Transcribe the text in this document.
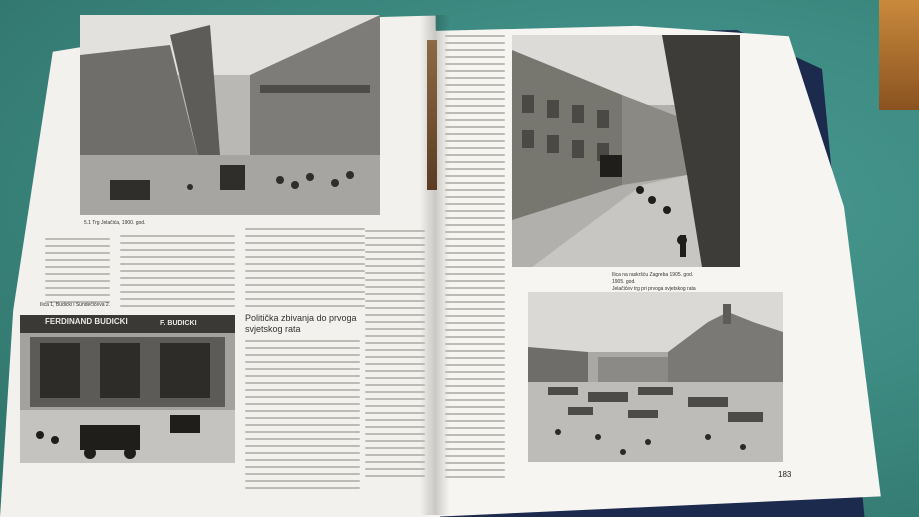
5.1 Trg Jelačića, 1900. god.
Ilica 1, Budicki i Sundečićeva 2.
FERDINAND BUDICKI	F. BUDICKI
Politička zbivanja do prvoga
svjetskog rata
Ilica na raskršću Zagreba 1905. god.
1905. god.
Jelačićev trg pri prvoga svjetskog rata
183
